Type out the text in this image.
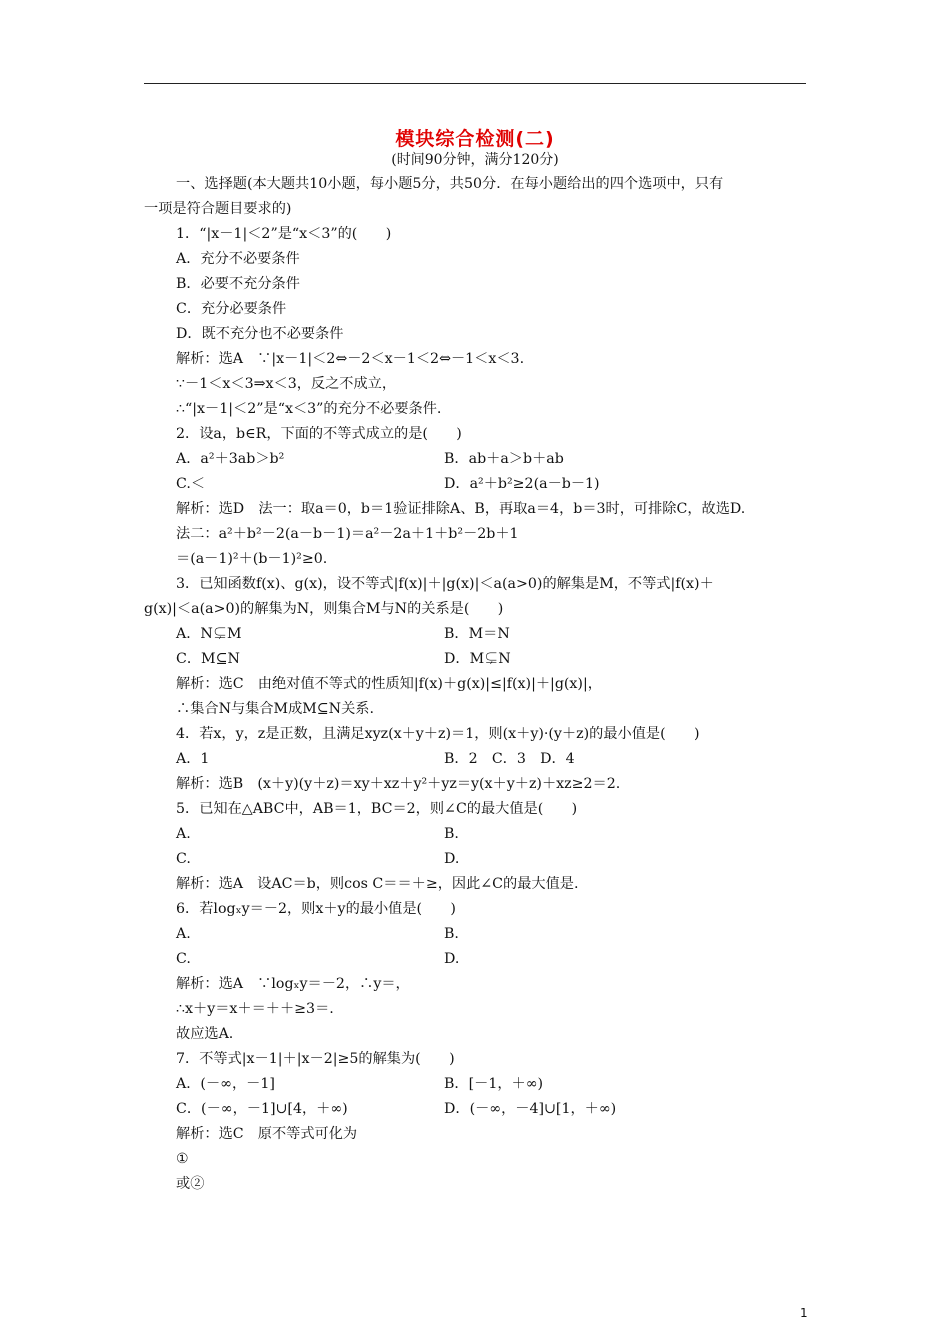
模块综合检测(二)
(时间90分钟，满分120分)
一、选择题(本大题共10小题，每小题5分，共50分．在每小题给出的四个选项中，只有
一项是符合题目要求的)
1．“|x－1|＜2”是“x＜3”的(　　)
A．充分不必要条件
B．必要不充分条件
C．充分必要条件
D．既不充分也不必要条件
解析：选A　∵|x－1|＜2⇔－2＜x－1＜2⇔－1＜x＜3.
∵－1＜x＜3⇒x＜3，反之不成立，
∴“|x－1|＜2”是“x＜3”的充分不必要条件.
2．设a，b∈R，下面的不等式成立的是(　　)
A．a²＋3ab＞b²	B．ab＋a＞b＋ab
C.＜	D．a²＋b²≥2(a－b－1)
解析：选D　法一：取a＝0，b＝1验证排除A、B，再取a＝4，b＝3时，可排除C，故选D.
法二：a²＋b²－2(a－b－1)＝a²－2a＋1＋b²－2b＋1
＝(a－1)²＋(b－1)²≥0.
3．已知函数f(x)、g(x)，设不等式|f(x)|＋|g(x)|＜a(a>0)的解集是M，不等式|f(x)＋
g(x)|＜a(a>0)的解集为N，则集合M与N的关系是(　　)
A．N⊊M	B．M＝N
C．M⊆N	D．M⊊N
解析：选C　由绝对值不等式的性质知|f(x)＋g(x)|≤|f(x)|＋|g(x)|，
∴集合N与集合M成M⊆N关系.
4．若x，y，z是正数，且满足xyz(x＋y＋z)＝1，则(x＋y)·(y＋z)的最小值是(　　)
A．1	B．2　C．3　D．4
解析：选B　(x＋y)(y＋z)＝xy＋xz＋y²＋yz＝y(x＋y＋z)＋xz≥2＝2.
5．已知在△ABC中，AB＝1，BC＝2，则∠C的最大值是(　　)
A.	B.
C.	D.
解析：选A　设AC＝b，则cos C＝＝＋≥，因此∠C的最大值是.
6．若logₓy＝－2，则x＋y的最小值是(　　)
A.	B.
C.	D.
解析：选A　∵logₓy＝－2，∴y＝，
∴x＋y＝x＋＝＋＋≥3＝.
故应选A.
7．不等式|x－1|＋|x－2|≥5的解集为(　　)
A．(－∞，－1]	B．[－1，＋∞)
C．(－∞，－1]∪[4，＋∞)	D．(－∞，－4]∪[1，＋∞)
解析：选C　原不等式可化为
①
或②
1
